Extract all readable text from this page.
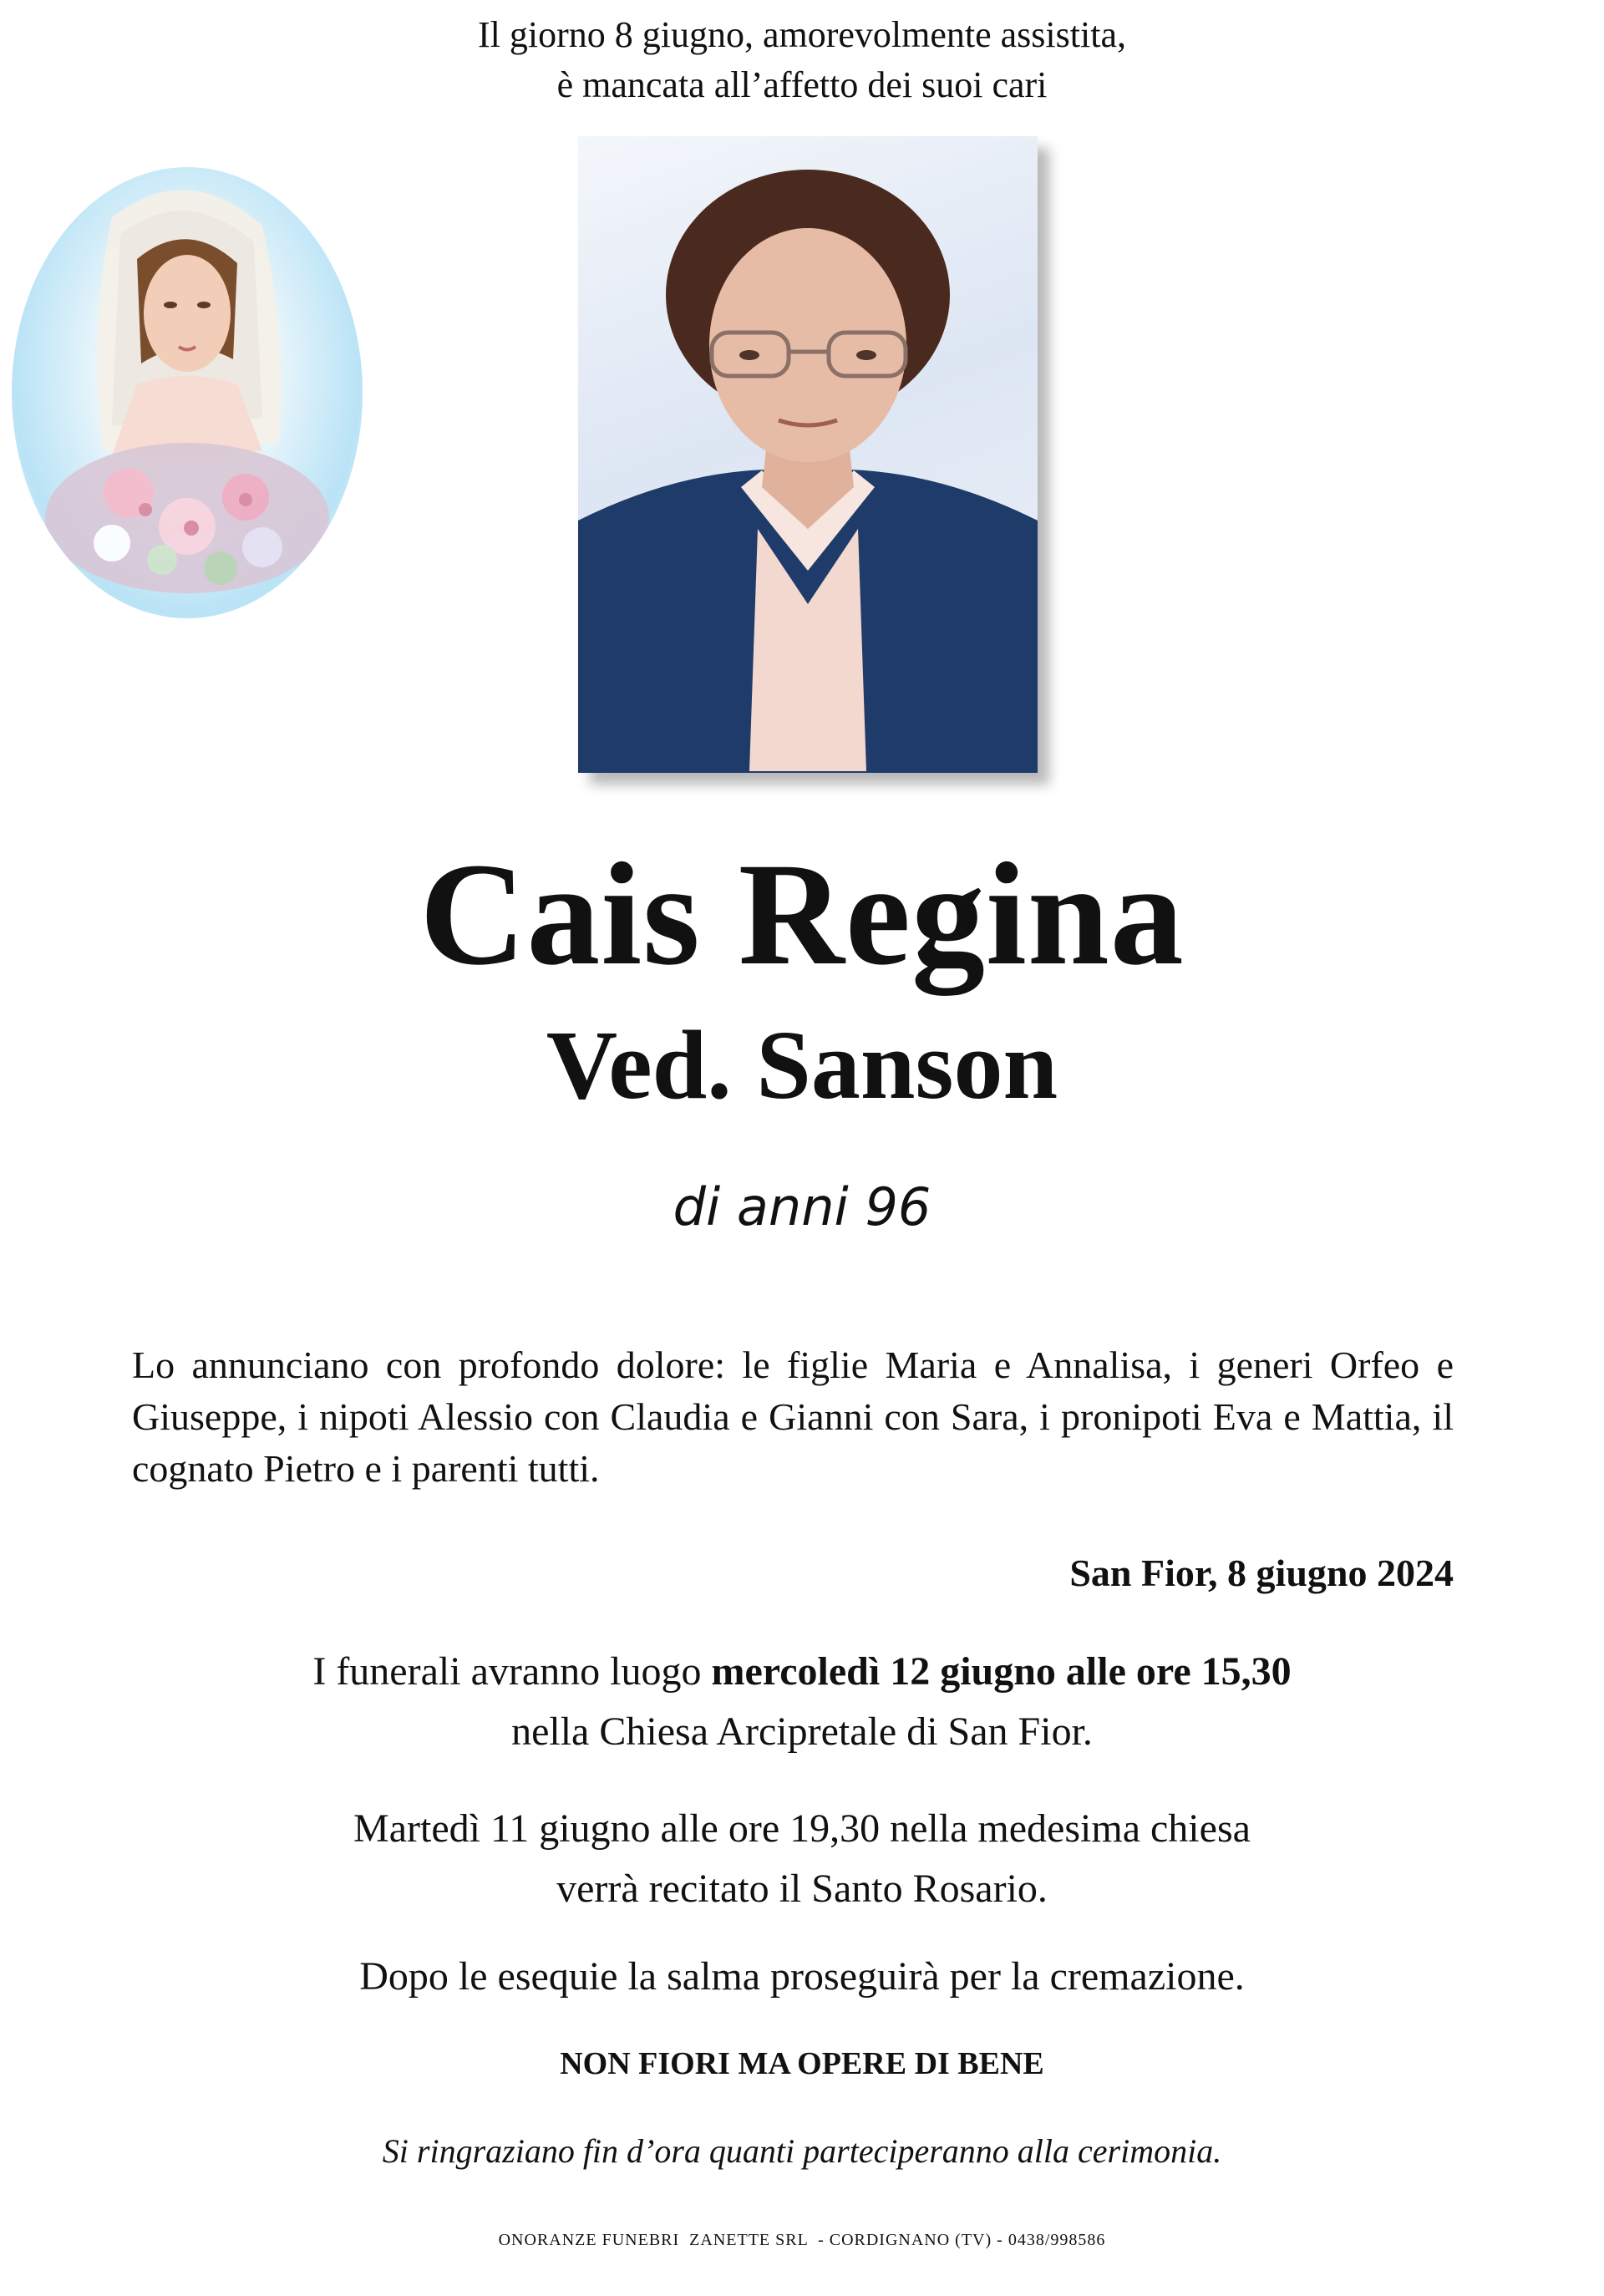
Il giorno 8 giugno, amorevolmente assistita,
è mancata all’affetto dei suoi cari
Cais Regina
Ved. Sanson
di anni 96
Lo annunciano con profondo dolore: le figlie Maria e Annalisa, i generi Orfeo e Giuseppe, i nipoti Alessio con Claudia e Gianni con Sara, i pronipoti Eva e Mattia, il cognato Pietro e i parenti tutti.
San Fior, 8 giugno 2024
I funerali avranno luogo mercoledì 12 giugno alle ore 15,30
nella Chiesa Arcipretale di San Fior.
Martedì 11 giugno alle ore 19,30 nella medesima chiesa
verrà recitato il Santo Rosario.
Dopo le esequie la salma proseguirà per la cremazione.
NON FIORI MA OPERE DI BENE
Si ringraziano fin d’ora quanti parteciperanno alla cerimonia.
ONORANZE FUNEBRI  ZANETTE SRL  - CORDIGNANO (TV) - 0438/998586
